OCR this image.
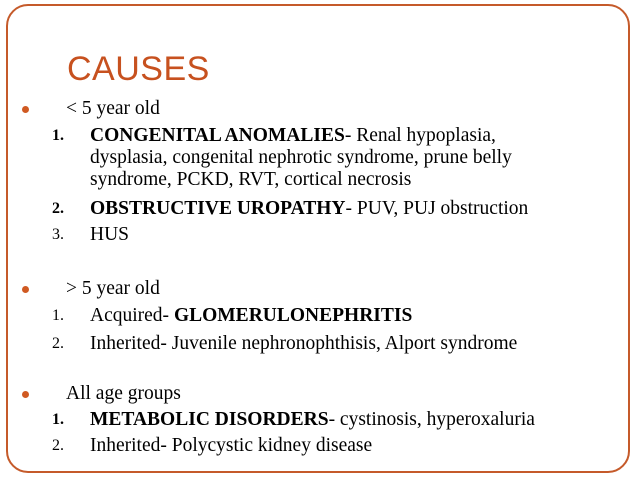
CAUSES
< 5 year old
1.	CONGENITAL ANOMALIES- Renal hypoplasia,
dysplasia, congenital nephrotic syndrome, prune belly
syndrome, PCKD, RVT, cortical necrosis
2.	OBSTRUCTIVE UROPATHY- PUV, PUJ obstruction
3.	HUS
> 5 year old
1.	Acquired- GLOMERULONEPHRITIS
2.	Inherited- Juvenile nephronophthisis, Alport syndrome
All age groups
1.	METABOLIC DISORDERS- cystinosis, hyperoxaluria
2.	Inherited- Polycystic kidney disease
